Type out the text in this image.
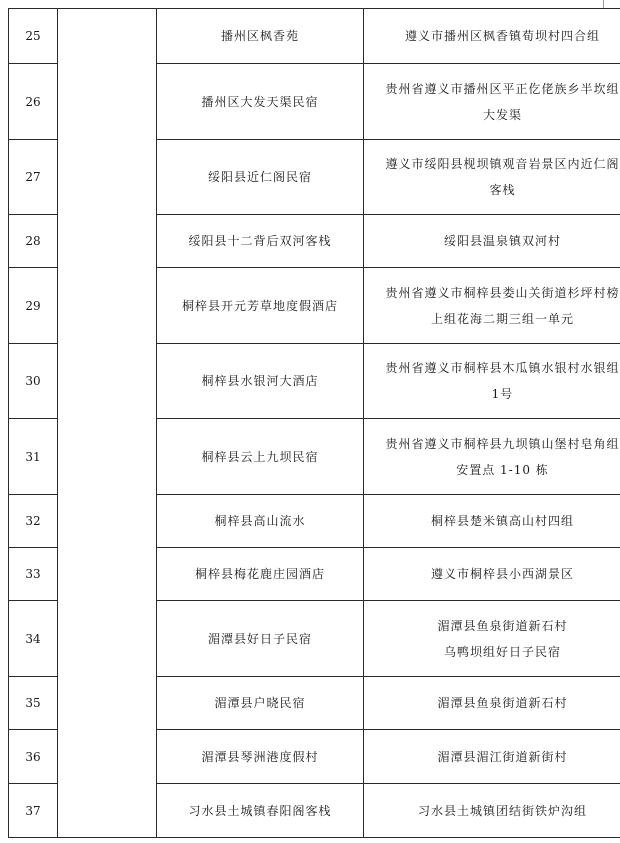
25		播州区枫香苑	遵义市播州区枫香镇荀坝村四合组

26		播州区大发天渠民宿	贵州省遵义市播州区平正仡佬族乡半坎组
大发渠

27		绥阳县近仁阁民宿	遵义市绥阳县枧坝镇观音岩景区内近仁阁
客栈

28		绥阳县十二背后双河客栈	绥阳县温泉镇双河村

29		桐梓县开元芳草地度假酒店	贵州省遵义市桐梓县娄山关街道杉坪村榜
上组花海二期三组一单元

30		桐梓县水银河大酒店	贵州省遵义市桐梓县木瓜镇水银村水银组
1号

31		桐梓县云上九坝民宿	贵州省遵义市桐梓县九坝镇山堡村皂角组
安置点 1-10 栋

32		桐梓县高山流水	桐梓县楚米镇高山村四组

33		桐梓县梅花鹿庄园酒店	遵义市桐梓县小西湖景区

34		湄潭县好日子民宿	湄潭县鱼泉街道新石村
乌鸭坝组好日子民宿

35		湄潭县户晓民宿	湄潭县鱼泉街道新石村

36		湄潭县琴洲港度假村	湄潭县湄江街道新街村

37		习水县土城镇春阳阁客栈	习水县土城镇团结街铁炉沟组
